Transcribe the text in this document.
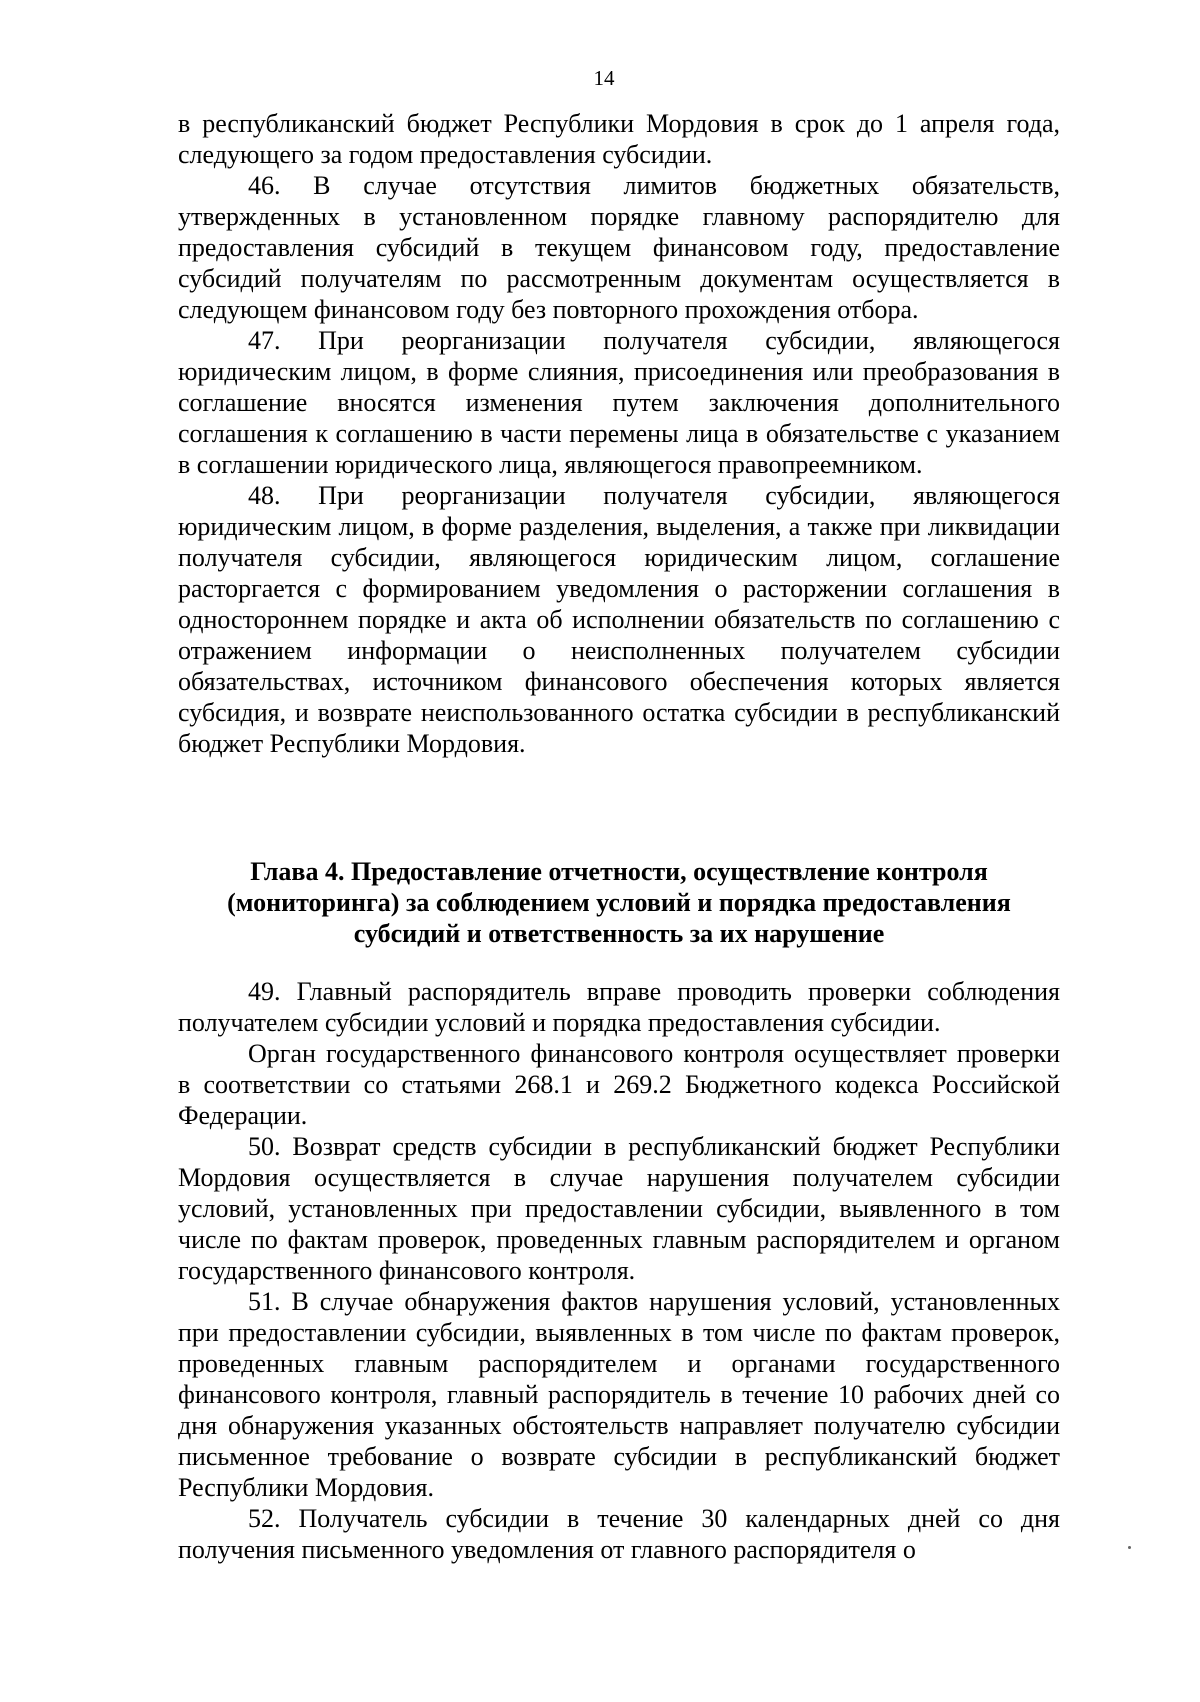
14

в республиканский бюджет Республики Мордовия в срок до 1 апреля года, следующего за годом предоставления субсидии.

46. В случае отсутствия лимитов бюджетных обязательств, утвержденных в установленном порядке главному распорядителю для предоставления субсидий в текущем финансовом году, предоставление субсидий получателям по рассмотренным документам осуществляется в следующем финансовом году без повторного прохождения отбора.

47. При реорганизации получателя субсидии, являющегося юридическим лицом, в форме слияния, присоединения или преобразования в соглашение вносятся изменения путем заключения дополнительного соглашения к соглашению в части перемены лица в обязательстве с указанием в соглашении юридического лица, являющегося правопреемником.

48. При реорганизации получателя субсидии, являющегося юридическим лицом, в форме разделения, выделения, а также при ликвидации получателя субсидии, являющегося юридическим лицом, соглашение расторгается с формированием уведомления о расторжении соглашения в одностороннем порядке и акта об исполнении обязательств по соглашению с отражением информации о неисполненных получателем субсидии обязательствах, источником финансового обеспечения которых является субсидия, и возврате неиспользованного остатка субсидии в республиканский бюджет Республики Мордовия.

Глава 4. Предоставление отчетности, осуществление контроля (мониторинга) за соблюдением условий и порядка предоставления субсидий и ответственность за их нарушение

49. Главный распорядитель вправе проводить проверки соблюдения получателем субсидии условий и порядка предоставления субсидии.

Орган государственного финансового контроля осуществляет проверки в соответствии со статьями 268.1 и 269.2 Бюджетного кодекса Российской Федерации.

50. Возврат средств субсидии в республиканский бюджет Республики Мордовия осуществляется в случае нарушения получателем субсидии условий, установленных при предоставлении субсидии, выявленного в том числе по фактам проверок, проведенных главным распорядителем и органом государственного финансового контроля.

51. В случае обнаружения фактов нарушения условий, установленных при предоставлении субсидии, выявленных в том числе по фактам проверок, проведенных главным распорядителем и органами государственного финансового контроля, главный распорядитель в течение 10 рабочих дней со дня обнаружения указанных обстоятельств направляет получателю субсидии письменное требование о возврате субсидии в республиканский бюджет Республики Мордовия.

52. Получатель субсидии в течение 30 календарных дней со дня получения письменного уведомления от главного распорядителя о
